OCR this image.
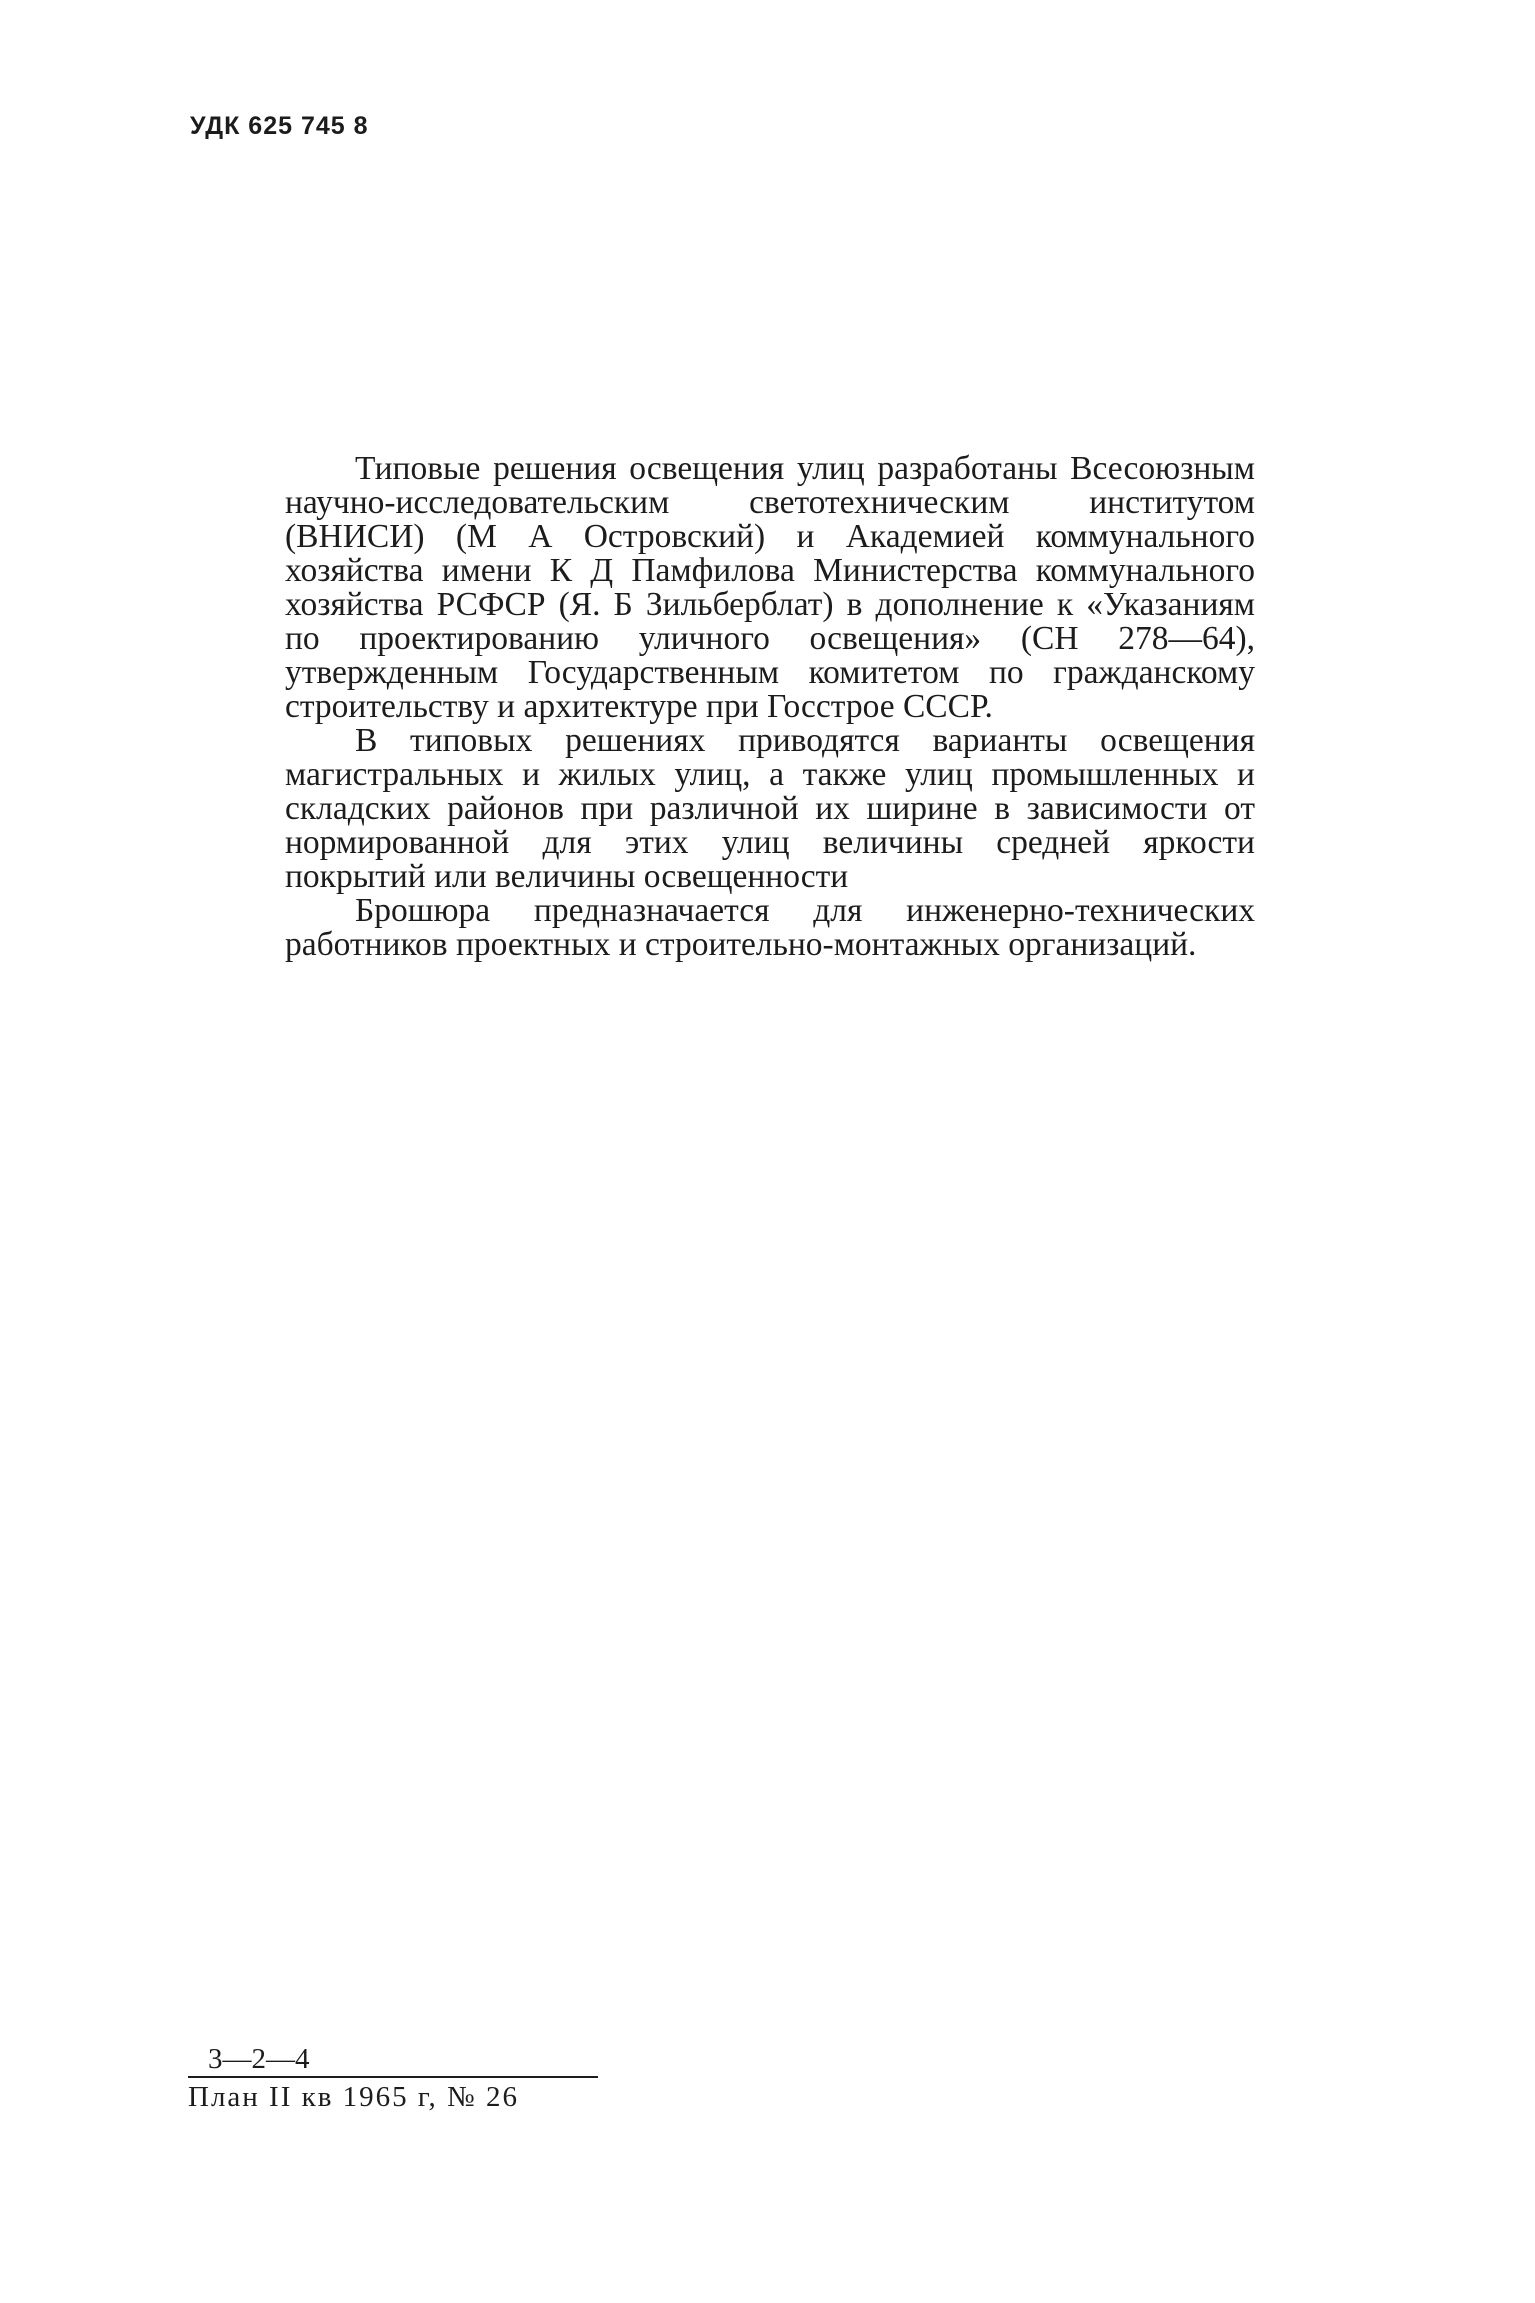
УДК 625 745 8

Типовые решения освещения улиц разработаны Всесоюзным научно-исследовательским светотехническим институтом (ВНИСИ) (М А Островский) и Академией коммунального хозяйства имени К Д Памфилова Министерства коммунального хозяйства РСФСР (Я. Б Зильберблат) в дополнение к «Указаниям по проектированию уличного освещения» (СН 278—64), утвержденным Государственным комитетом по гражданскому строительству и архитектуре при Госстрое СССР.

В типовых решениях приводятся варианты освещения магистральных и жилых улиц, а также улиц промышленных и складских районов при различной их ширине в зависимости от нормированной для этих улиц величины средней яркости покрытий или величины освещенности

Брошюра предназначается для инженерно-технических работников проектных и строительно-монтажных организаций.

3—2—4
План II кв 1965 г, № 26
